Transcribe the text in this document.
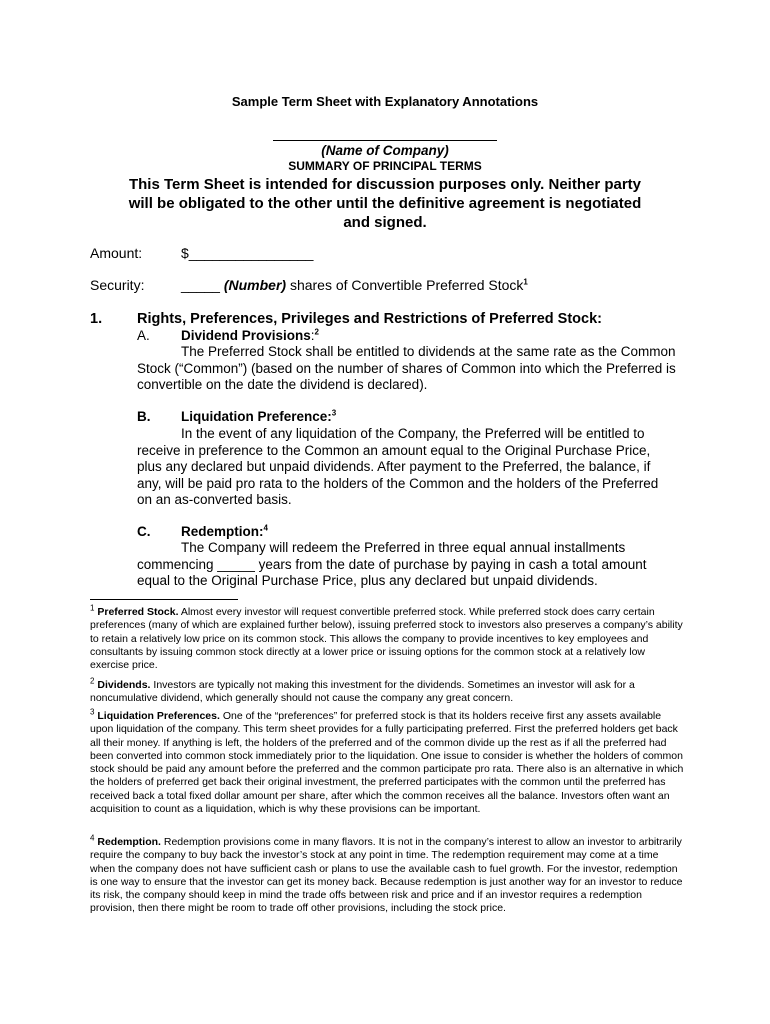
Sample Term Sheet with Explanatory Annotations
(Name of Company)
SUMMARY OF PRINCIPAL TERMS
This Term Sheet is intended for discussion purposes only. Neither party will be obligated to the other until the definitive agreement is negotiated and signed.
Amount:	$________________
Security:	_____ (Number) shares of Convertible Preferred Stock$^1$
1. Rights, Preferences, Privileges and Restrictions of Preferred Stock:
A. Dividend Provisions:$^2$
The Preferred Stock shall be entitled to dividends at the same rate as the Common Stock (“Common”) (based on the number of shares of Common into which the Preferred is convertible on the date the dividend is declared).
B. Liquidation Preference:$^3$
In the event of any liquidation of the Company, the Preferred will be entitled to receive in preference to the Common an amount equal to the Original Purchase Price, plus any declared but unpaid dividends. After payment to the Preferred, the balance, if any, will be paid pro rata to the holders of the Common and the holders of the Preferred on an as-converted basis.
C. Redemption:$^4$
The Company will redeem the Preferred in three equal annual installments commencing _____ years from the date of purchase by paying in cash a total amount equal to the Original Purchase Price, plus any declared but unpaid dividends.
$^1$ Preferred Stock. Almost every investor will request convertible preferred stock. While preferred stock does carry certain preferences (many of which are explained further below), issuing preferred stock to investors also preserves a company’s ability to retain a relatively low price on its common stock. This allows the company to provide incentives to key employees and consultants by issuing common stock directly at a lower price or issuing options for the common stock at a relatively low exercise price.
$^2$ Dividends. Investors are typically not making this investment for the dividends. Sometimes an investor will ask for a noncumulative dividend, which generally should not cause the company any great concern.
$^3$ Liquidation Preferences. One of the “preferences” for preferred stock is that its holders receive first any assets available upon liquidation of the company. This term sheet provides for a fully participating preferred. First the preferred holders get back all their money. If anything is left, the holders of the preferred and of the common divide up the rest as if all the preferred had been converted into common stock immediately prior to the liquidation. One issue to consider is whether the holders of common stock should be paid any amount before the preferred and the common participate pro rata. There also is an alternative in which the holders of preferred get back their original investment, the preferred participates with the common until the preferred has received back a total fixed dollar amount per share, after which the common receives all the balance. Investors often want an acquisition to count as a liquidation, which is why these provisions can be important.
$^4$ Redemption. Redemption provisions come in many flavors. It is not in the company’s interest to allow an investor to arbitrarily require the company to buy back the investor’s stock at any point in time. The redemption requirement may come at a time when the company does not have sufficient cash or plans to use the available cash to fuel growth. For the investor, redemption is one way to ensure that the investor can get its money back. Because redemption is just another way for an investor to reduce its risk, the company should keep in mind the trade offs between risk and price and if an investor requires a redemption provision, then there might be room to trade off other provisions, including the stock price.
